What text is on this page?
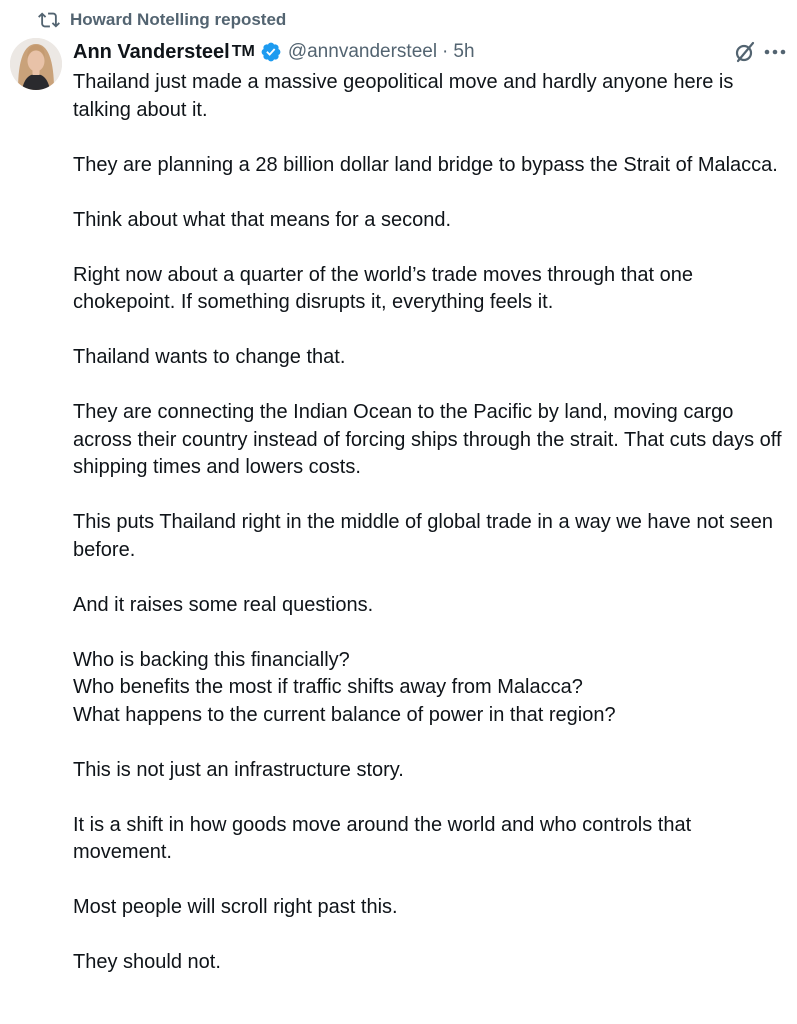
Howard Notelling reposted
Ann Vandersteel TM @annvandersteel · 5h

Thailand just made a massive geopolitical move and hardly anyone here is talking about it.

They are planning a 28 billion dollar land bridge to bypass the Strait of Malacca.

Think about what that means for a second.

Right now about a quarter of the world’s trade moves through that one chokepoint. If something disrupts it, everything feels it.

Thailand wants to change that.

They are connecting the Indian Ocean to the Pacific by land, moving cargo across their country instead of forcing ships through the strait. That cuts days off shipping times and lowers costs.

This puts Thailand right in the middle of global trade in a way we have not seen before.

And it raises some real questions.

Who is backing this financially?
Who benefits the most if traffic shifts away from Malacca?
What happens to the current balance of power in that region?

This is not just an infrastructure story.

It is a shift in how goods move around the world and who controls that movement.

Most people will scroll right past this.

They should not.
